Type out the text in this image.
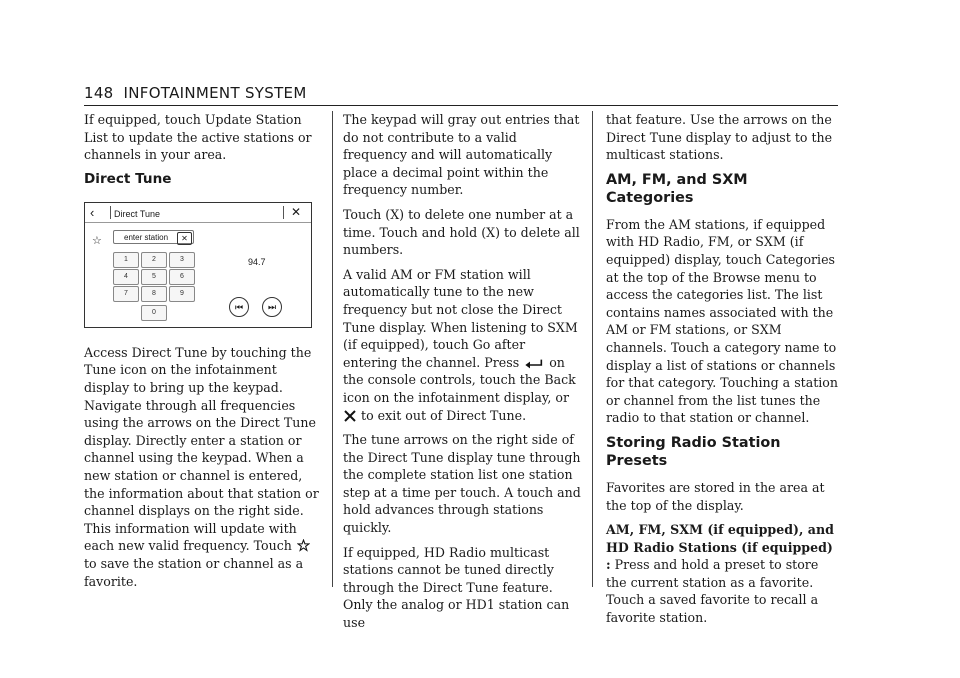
148 INFOTAINMENT SYSTEM

If equipped, touch Update Station List to update the active stations or channels in your area.

Direct Tune
‹ Direct Tune	✕
☆	enter station	✕
1	2	3
4	5	6
7	8	9
0
94.7
⏮	⏭

Access Direct Tune by touching the Tune icon on the infotainment display to bring up the keypad. Navigate through all frequencies using the arrows on the Direct Tune display. Directly enter a station or channel using the keypad. When a new station or channel is entered, the information about that station or channel displays on the right side. This information will update with each new valid frequency. Touch  to save the station or channel as a favorite.

The keypad will gray out entries that do not contribute to a valid frequency and will automatically place a decimal point within the frequency number.

Touch (X) to delete one number at a time. Touch and hold (X) to delete all numbers.

A valid AM or FM station will automatically tune to the new frequency but not close the Direct Tune display. When listening to SXM (if equipped), touch Go after entering the channel. Press on the console controls, touch the Back icon on the infotainment display, or  to exit out of Direct Tune.

The tune arrows on the right side of the Direct Tune display tune through the complete station list one station step at a time per touch. A touch and hold advances through stations quickly.

If equipped, HD Radio multicast stations cannot be tuned directly through the Direct Tune feature. Only the analog or HD1 station can use

that feature. Use the arrows on the Direct Tune display to adjust to the multicast stations.

AM, FM, and SXM Categories

From the AM stations, if equipped with HD Radio, FM, or SXM (if equipped) display, touch Categories at the top of the Browse menu to access the categories list. The list contains names associated with the AM or FM stations, or SXM channels. Touch a category name to display a list of stations or channels for that category. Touching a station or channel from the list tunes the radio to that station or channel.

Storing Radio Station Presets

Favorites are stored in the area at the top of the display.

AM, FM, SXM (if equipped), and HD Radio Stations (if equipped) : Press and hold a preset to store the current station as a favorite. Touch a saved favorite to recall a favorite station.
